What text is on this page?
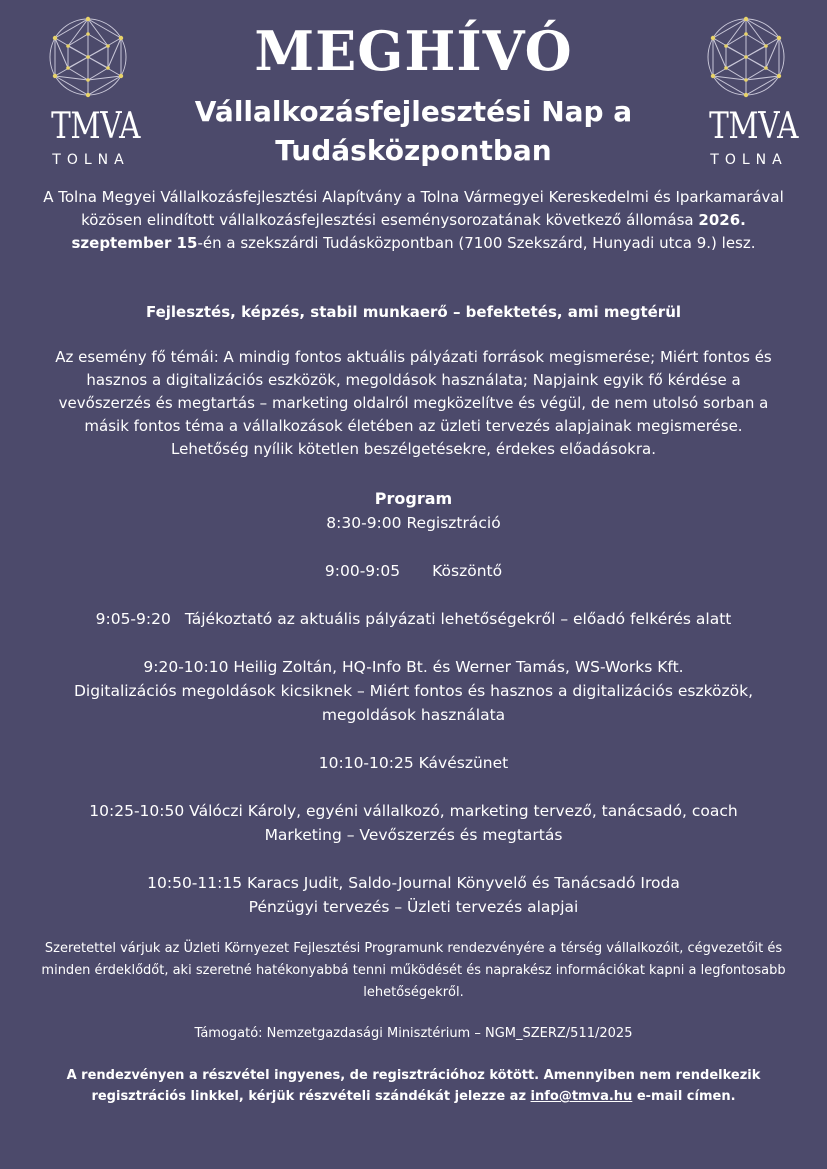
TMVA
TOLNA
TMVA
TOLNA
MEGHÍVÓ
Vállalkozásfejlesztési Nap a Tudásközpontban
A Tolna Megyei Vállalkozásfejlesztési Alapítvány a Tolna Vármegyei Kereskedelmi és Iparkamarával közösen elindított vállalkozásfejlesztési eseménysorozatának következő állomása 2026. szeptember 15-én a szekszárdi Tudásközpontban (7100 Szekszárd, Hunyadi utca 9.) lesz.
Fejlesztés, képzés, stabil munkaerő – befektetés, ami megtérül
Az esemény fő témái: A mindig fontos aktuális pályázati források megismerése; Miért fontos és hasznos a digitalizációs eszközök, megoldások használata; Napjaink egyik fő kérdése a vevőszerzés és megtartás – marketing oldalról megközelítve és végül, de nem utolsó sorban a másik fontos téma a vállalkozások életében az üzleti tervezés alapjainak megismerése.
Lehetőség nyílik kötetlen beszélgetésekre, érdekes előadásokra.
Program
8:30-9:00 Regisztráció
9:00-9:05 Köszöntő
9:05-9:20 Tájékoztató az aktuális pályázati lehetőségekről – előadó felkérés alatt
9:20-10:10 Heilig Zoltán, HQ-Info Bt. és Werner Tamás, WS-Works Kft.
Digitalizációs megoldások kicsiknek – Miért fontos és hasznos a digitalizációs eszközök, megoldások használata
10:10-10:25 Kávészünet
10:25-10:50 Válóczi Károly, egyéni vállalkozó, marketing tervező, tanácsadó, coach
Marketing – Vevőszerzés és megtartás
10:50-11:15 Karacs Judit, Saldo-Journal Könyvelő és Tanácsadó Iroda
Pénzügyi tervezés – Üzleti tervezés alapjai
Szeretettel várjuk az Üzleti Környezet Fejlesztési Programunk rendezvényére a térség vállalkozóit, cégvezetőit és minden érdeklődőt, aki szeretné hatékonyabbá tenni működését és naprakész információkat kapni a legfontosabb lehetőségekről.
Támogató: Nemzetgazdasági Minisztérium – NGM_SZERZ/511/2025
A rendezvényen a részvétel ingyenes, de regisztrációhoz kötött. Amennyiben nem rendelkezik regisztrációs linkkel, kérjük részvételi szándékát jelezze az info@tmva.hu e-mail címen.
